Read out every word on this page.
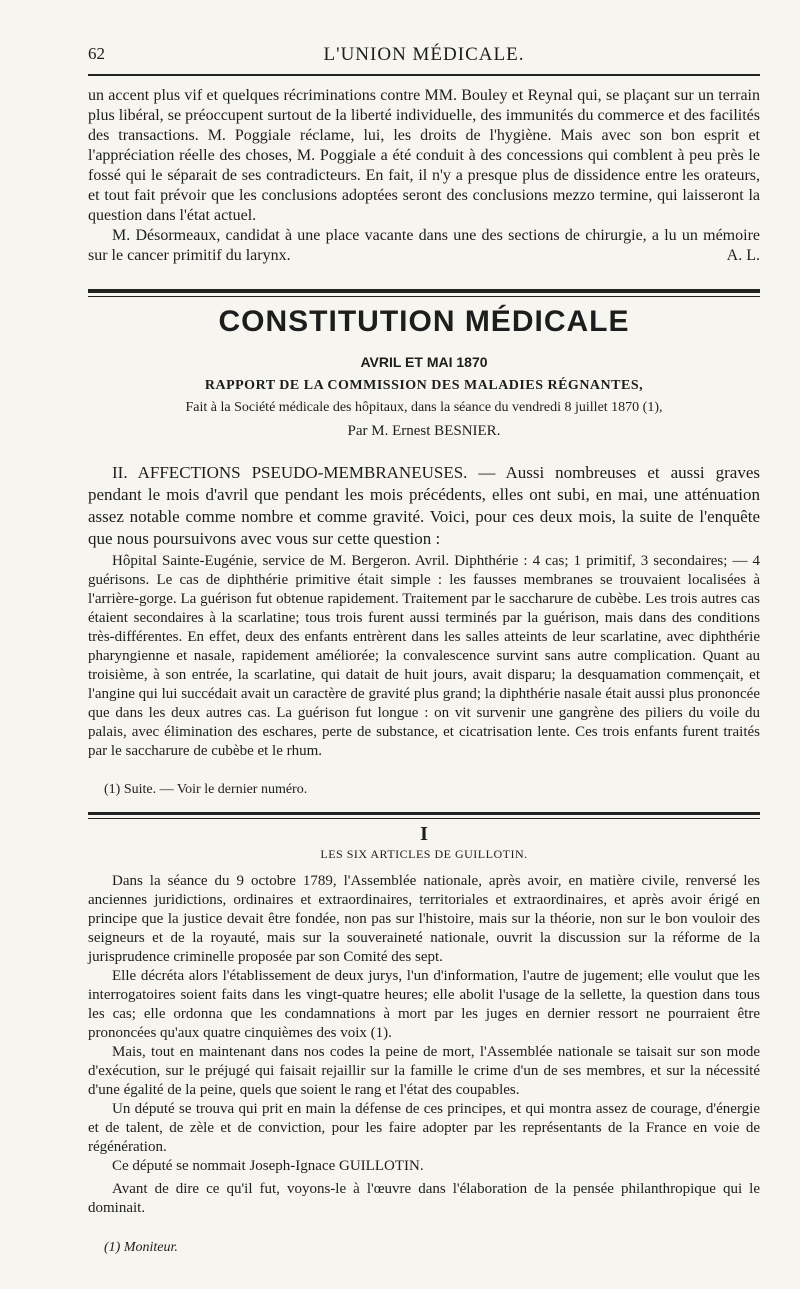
62	L'UNION MÉDICALE.

un accent plus vif et quelques récriminations contre MM. Bouley et Reynal qui, se plaçant sur un terrain plus libéral, se préoccupent surtout de la liberté individuelle, des immunités du commerce et des facilités des transactions. M. Poggiale réclame, lui, les droits de l'hygiène. Mais avec son bon esprit et l'appréciation réelle des choses, M. Poggiale a été conduit à des concessions qui comblent à peu près le fossé qui le séparait de ses contradicteurs. En fait, il n'y a presque plus de dissidence entre les orateurs, et tout fait prévoir que les conclusions adoptées seront des conclusions mezzo termine, qui laisseront la question dans l'état actuel.

M. Désormeaux, candidat à une place vacante dans une des sections de chirurgie, a lu un mémoire sur le cancer primitif du larynx.	A. L.

CONSTITUTION MÉDICALE
AVRIL ET MAI 1870
RAPPORT DE LA COMMISSION DES MALADIES RÉGNANTES,
Fait à la Société médicale des hôpitaux, dans la séance du vendredi 8 juillet 1870 (1),
Par M. Ernest BESNIER.

II. AFFECTIONS PSEUDO-MEMBRANEUSES. — Aussi nombreuses et aussi graves pendant le mois d'avril que pendant les mois précédents, elles ont subi, en mai, une atténuation assez notable comme nombre et comme gravité. Voici, pour ces deux mois, la suite de l'enquête que nous poursuivons avec vous sur cette question :

Hôpital Sainte-Eugénie, service de M. Bergeron. Avril. Diphthérie : 4 cas; 1 primitif, 3 secondaires; — 4 guérisons. Le cas de diphthérie primitive était simple : les fausses membranes se trouvaient localisées à l'arrière-gorge. La guérison fut obtenue rapidement. Traitement par le saccharure de cubèbe. Les trois autres cas étaient secondaires à la scarlatine; tous trois furent aussi terminés par la guérison, mais dans des conditions très-différentes. En effet, deux des enfants entrèrent dans les salles atteints de leur scarlatine, avec diphthérie pharyngienne et nasale, rapidement améliorée; la convalescence survint sans autre complication. Quant au troisième, à son entrée, la scarlatine, qui datait de huit jours, avait disparu; la desquamation commençait, et l'angine qui lui succédait avait un caractère de gravité plus grand; la diphthérie nasale était aussi plus prononcée que dans les deux autres cas. La guérison fut longue : on vit survenir une gangrène des piliers du voile du palais, avec élimination des eschares, perte de substance, et cicatrisation lente. Ces trois enfants furent traités par le saccharure de cubèbe et le rhum.

(1) Suite. — Voir le dernier numéro.
I
LES SIX ARTICLES DE GUILLOTIN.

Dans la séance du 9 octobre 1789, l'Assemblée nationale, après avoir, en matière civile, renversé les anciennes juridictions, ordinaires et extraordinaires, territoriales et extraordinaires, et après avoir érigé en principe que la justice devait être fondée, non pas sur l'histoire, mais sur la théorie, non sur le bon vouloir des seigneurs et de la royauté, mais sur la souveraineté nationale, ouvrit la discussion sur la réforme de la jurisprudence criminelle proposée par son Comité des sept.

Elle décréta alors l'établissement de deux jurys, l'un d'information, l'autre de jugement; elle voulut que les interrogatoires soient faits dans les vingt-quatre heures; elle abolit l'usage de la sellette, la question dans tous les cas; elle ordonna que les condamnations à mort par les juges en dernier ressort ne pourraient être prononcées qu'aux quatre cinquièmes des voix (1).

Mais, tout en maintenant dans nos codes la peine de mort, l'Assemblée nationale se taisait sur son mode d'exécution, sur le préjugé qui faisait rejaillir sur la famille le crime d'un de ses membres, et sur la nécessité d'une égalité de la peine, quels que soient le rang et l'état des coupables.

Un député se trouva qui prit en main la défense de ces principes, et qui montra assez de courage, d'énergie et de talent, de zèle et de conviction, pour les faire adopter par les représentants de la France en voie de régénération.

Ce député se nommait Joseph-Ignace GUILLOTIN.

Avant de dire ce qu'il fut, voyons-le à l'œuvre dans l'élaboration de la pensée philanthropique qui le dominait.

(1) Moniteur.
